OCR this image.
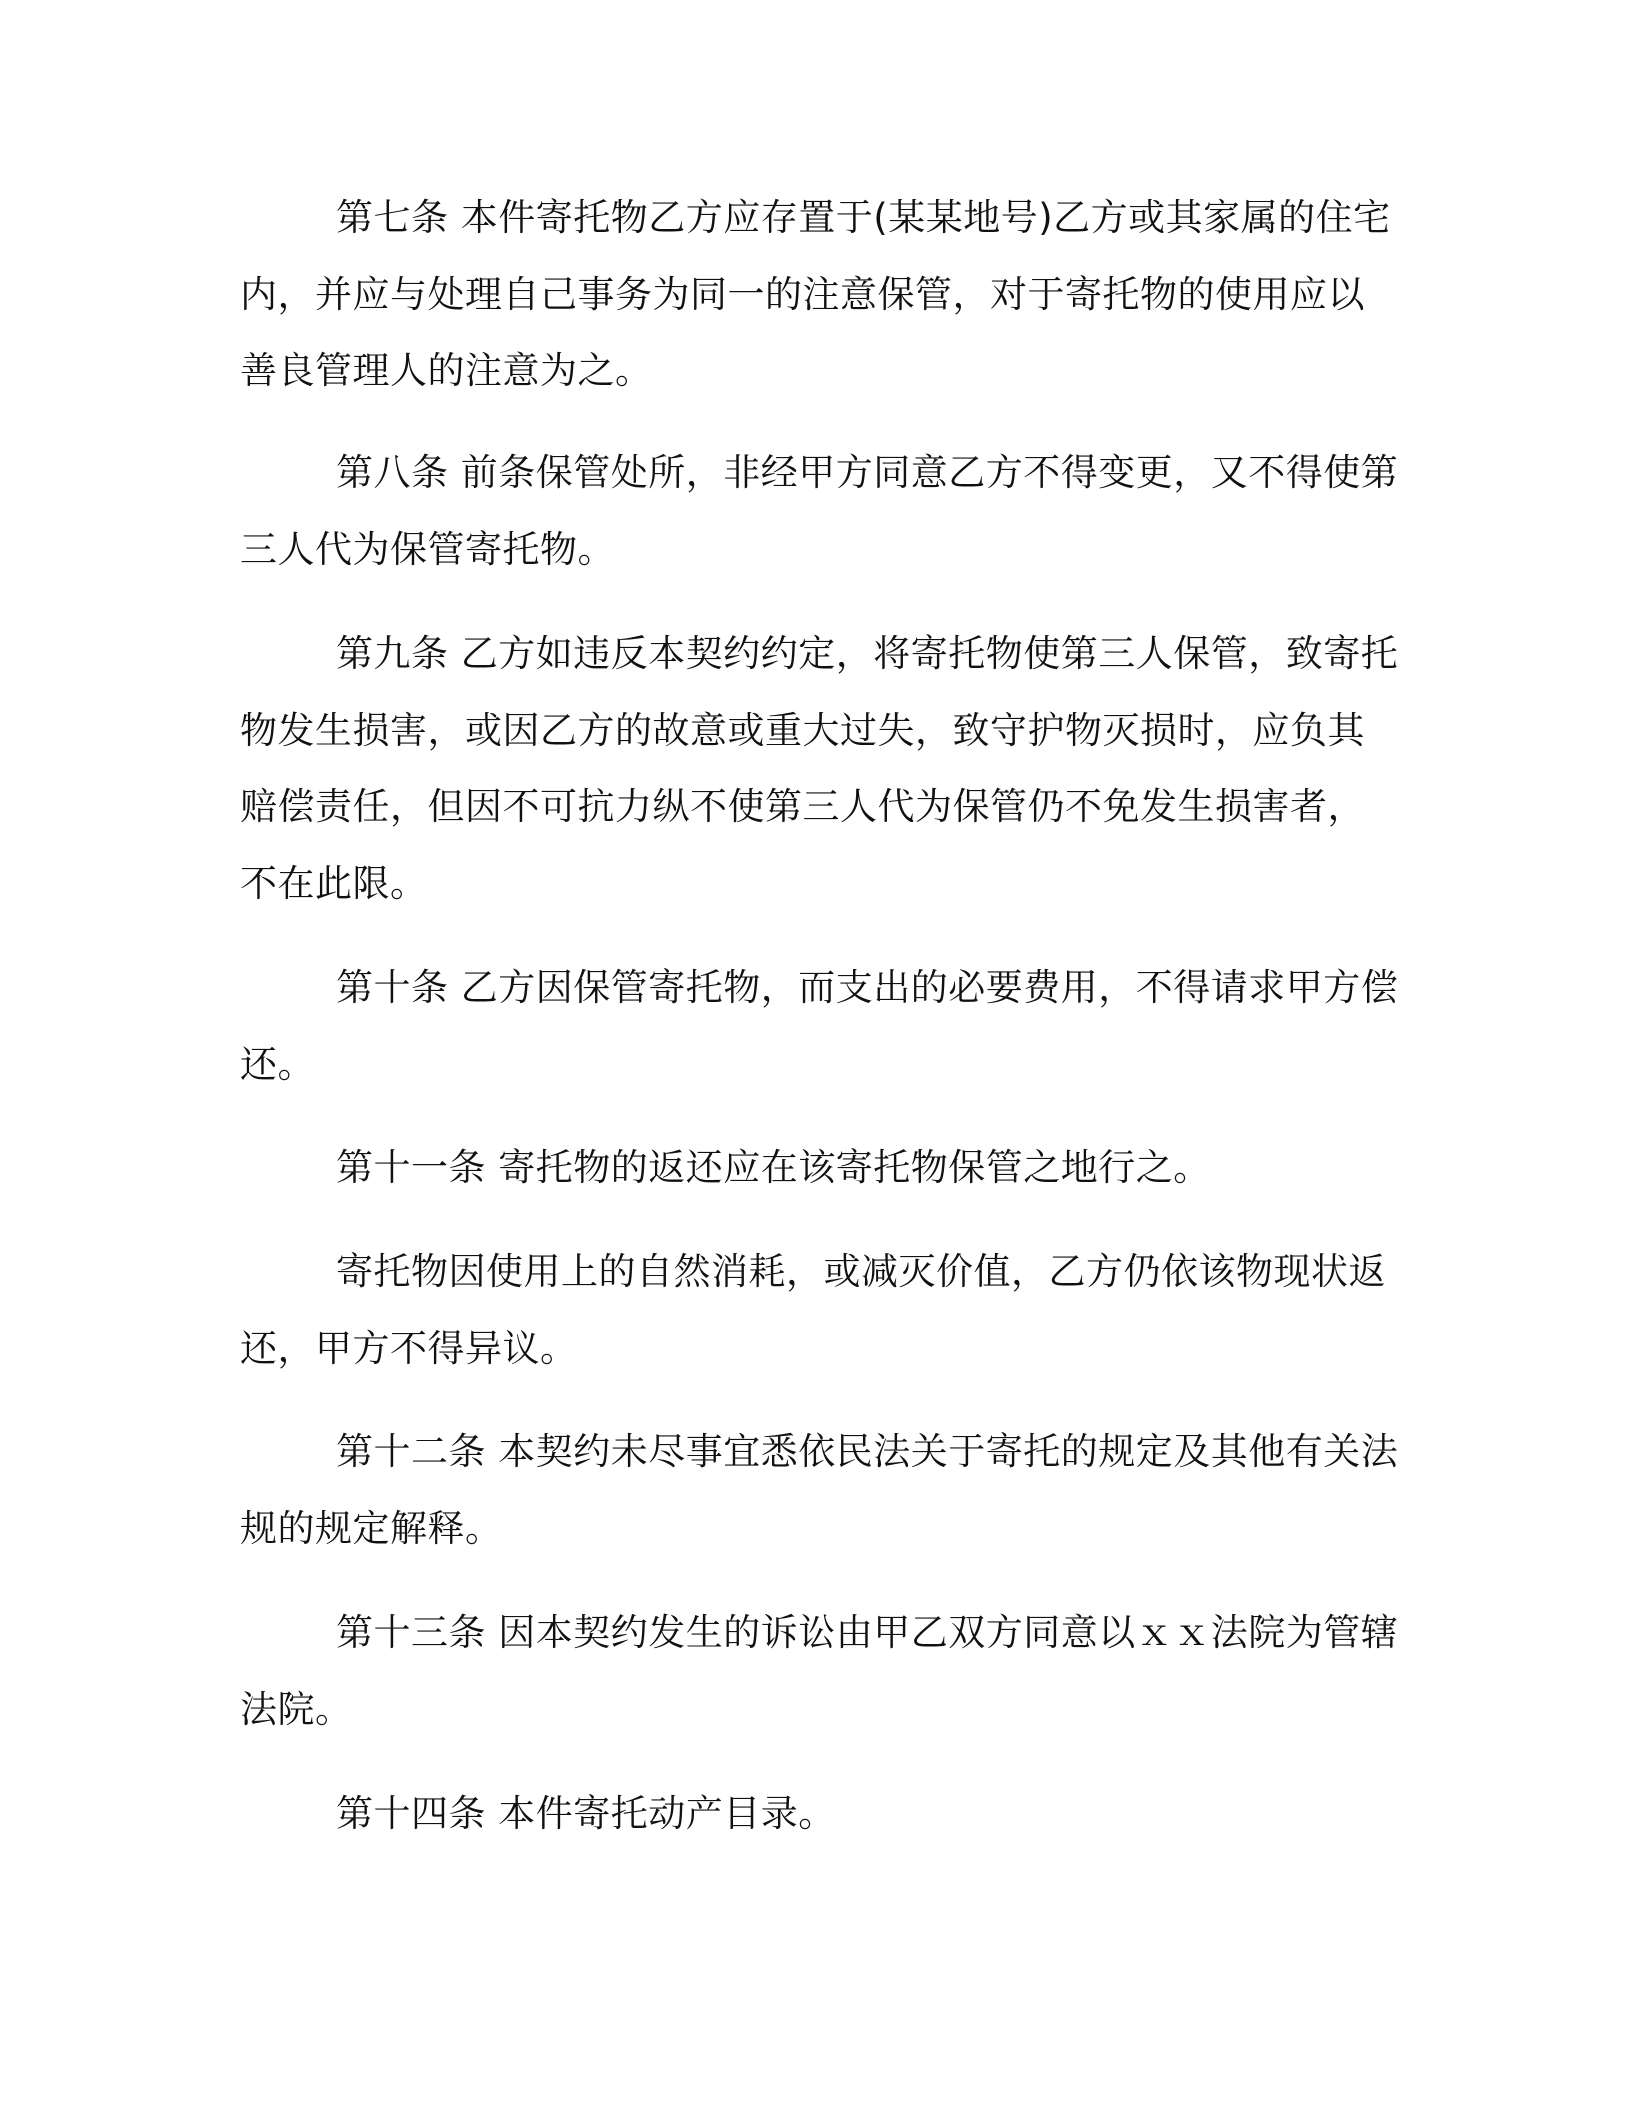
第七条 本件寄托物乙方应存置于(某某地号)乙方或其家属的住宅
内，并应与处理自己事务为同一的注意保管，对于寄托物的使用应以
善良管理人的注意为之。
第八条 前条保管处所，非经甲方同意乙方不得变更，又不得使第
三人代为保管寄托物。
第九条 乙方如违反本契约约定，将寄托物使第三人保管，致寄托
物发生损害，或因乙方的故意或重大过失，致守护物灭损时，应负其
赔偿责任，但因不可抗力纵不使第三人代为保管仍不免发生损害者，
不在此限。
第十条 乙方因保管寄托物，而支出的必要费用，不得请求甲方偿
还。
第十一条 寄托物的返还应在该寄托物保管之地行之。
寄托物因使用上的自然消耗，或减灭价值，乙方仍依该物现状返
还，甲方不得异议。
第十二条 本契约未尽事宜悉依民法关于寄托的规定及其他有关法
规的规定解释。
第十三条 因本契约发生的诉讼由甲乙双方同意以ｘｘ法院为管辖
法院。
第十四条 本件寄托动产目录。
